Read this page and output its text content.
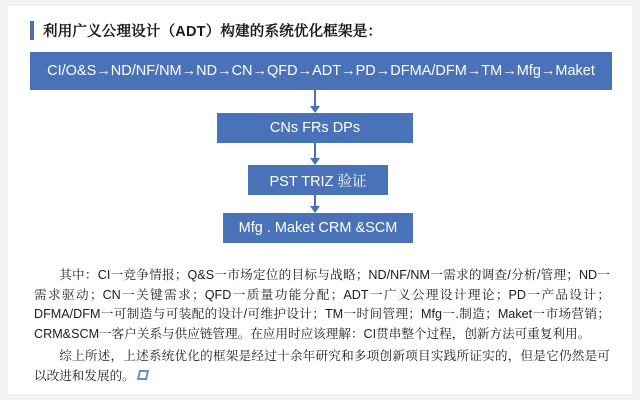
利用广义公理设计（ADT）构建的系统优化框架是：
CI/O&S→ND/NF/NM→ND→CN→QFD→ADT→PD→DFMA/DFM→TM→Mfg→Maket
CNs FRs DPs
PST TRIZ 验证
Mfg . Maket CRM &SCM
其中：CI一竞争情报；Q&S一市场定位的目标与战略；ND/NF/NM一需求的调查/分析/管理；ND一需求驱动；CN一关键需求；QFD一质量功能分配；ADT一广义公理设计理论；PD一产品设计；DFMA/DFM一可制造与可装配的设计/可维护设计；TM一时间管理；Mfg一.制造；Maket一市场营销；CRM&SCM一客户关系与供应链管理。在应用时应该理解：CI贯串整个过程，创新方法可重复利用。
综上所述，上述系统优化的框架是经过十余年研究和多项创新项目实践所证实的，但是它仍然是可以改进和发展的。
